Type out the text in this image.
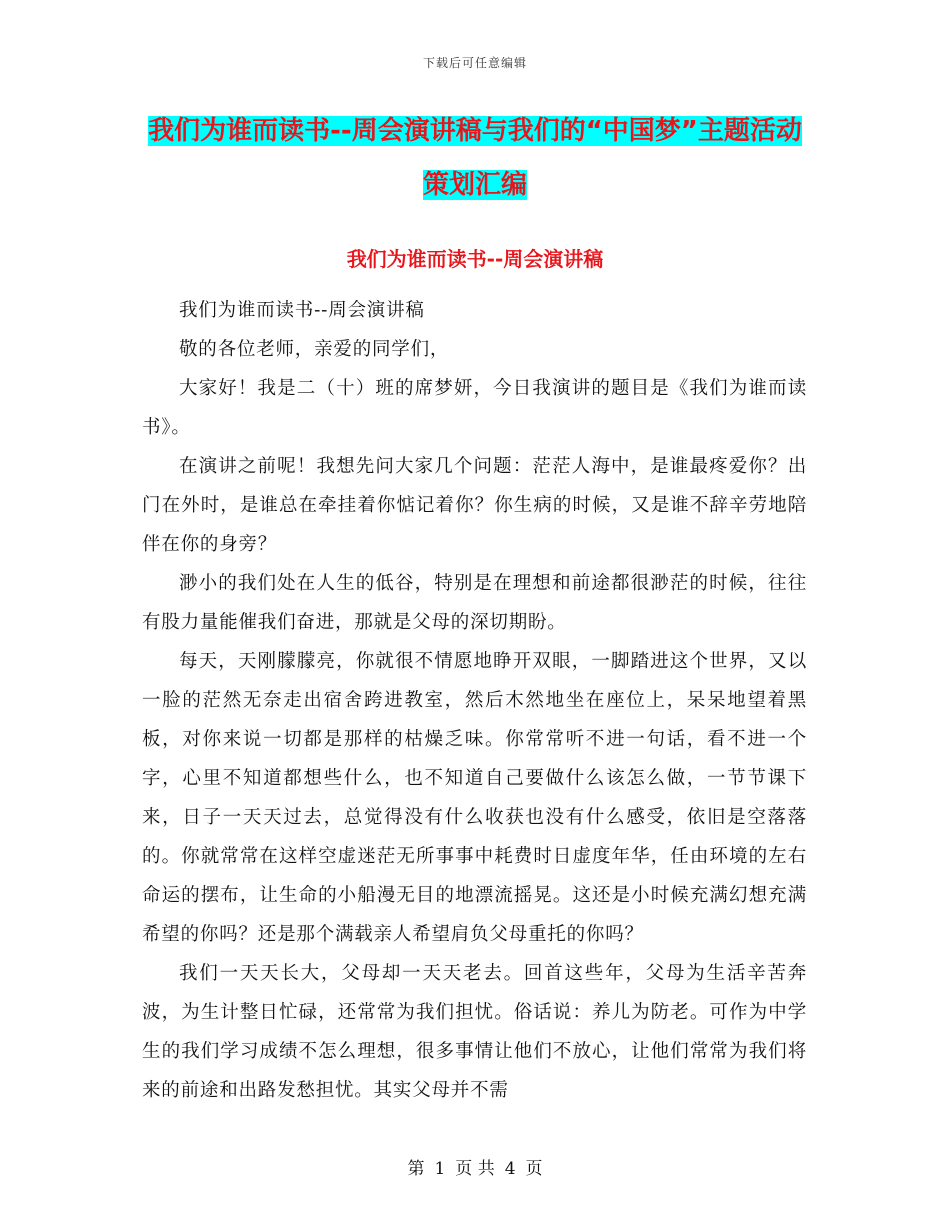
下载后可任意编辑
我们为谁而读书--周会演讲稿与我们的“中国梦”主题活动策划汇编
我们为谁而读书--周会演讲稿

我们为谁而读书--周会演讲稿

敬的各位老师，亲爱的同学们，

大家好！我是二（十）班的席梦妍，今日我演讲的题目是《我们为谁而读书》。

在演讲之前呢！我想先问大家几个问题：茫茫人海中，是谁最疼爱你？出门在外时，是谁总在牵挂着你惦记着你？你生病的时候，又是谁不辞辛劳地陪伴在你的身旁？

渺小的我们处在人生的低谷，特别是在理想和前途都很渺茫的时候，往往有股力量能催我们奋进，那就是父母的深切期盼。

每天，天刚朦朦亮，你就很不情愿地睁开双眼，一脚踏进这个世界，又以一脸的茫然无奈走出宿舍跨进教室，然后木然地坐在座位上，呆呆地望着黑板，对你来说一切都是那样的枯燥乏味。你常常听不进一句话，看不进一个字，心里不知道都想些什么，也不知道自己要做什么该怎么做，一节节课下来，日子一天天过去，总觉得没有什么收获也没有什么感受，依旧是空落落的。你就常常在这样空虚迷茫无所事事中耗费时日虚度年华，任由环境的左右命运的摆布，让生命的小船漫无目的地漂流摇晃。这还是小时候充满幻想充满希望的你吗？还是那个满载亲人希望肩负父母重托的你吗？

我们一天天长大，父母却一天天老去。回首这些年，父母为生活辛苦奔波，为生计整日忙碌，还常常为我们担忧。俗话说：养儿为防老。可作为中学生的我们学习成绩不怎么理想，很多事情让他们不放心，让他们常常为我们将来的前途和出路发愁担忧。其实父母并不需

第 1 页 共 4 页
